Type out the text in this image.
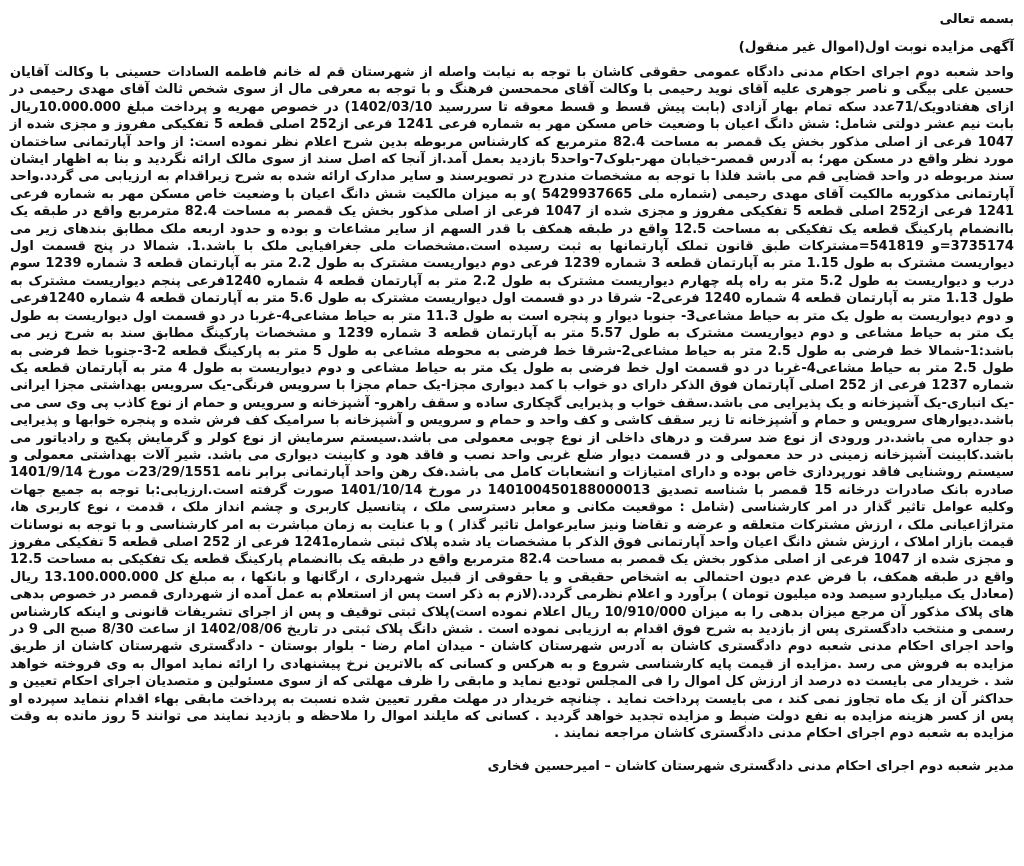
بسمه تعالی

آگهی مزایده نوبت اول(اموال غیر منقول)

واحد شعبه دوم اجرای احکام مدنی دادگاه عمومی حقوقی کاشان با توجه به نیابت واصله از شهرستان قم له خانم فاطمه السادات حسینی با وکالت آقایان حسین علی بیگی و ناصر جوهری علیه آقای نوید رحیمی با وکالت آقای محمحسن فرهنگ و با توجه به معرفی مال از سوی شخص ثالث آقای مهدی رحیمی در ازای هفتادویک/71عدد سکه تمام بهار آزادی (بابت پیش قسط و قسط معوقه تا سررسید 1402/03/10) در خصوص مهریه و پرداخت مبلغ 10.000.000ریال بابت نیم عشر دولتی شامل: شش دانگ اعیان با وضعیت خاص مسکن مهر به شماره فرعی 1241 فرعی از252 اصلی قطعه 5 تفکیکی مفروز و مجزی شده از 1047 فرعی از اصلی مذکور بخش یک قمصر به مساحت 82.4 مترمربع که کارشناس مربوطه بدین شرح اعلام نظر نموده است: از واحد آپارتمانی ساختمان مورد نظر واقع در مسکن مهر؛ به آدرس قمصر-خیابان مهر-بلوک7-واحد5 بازدید بعمل آمد.از آنجا که اصل سند از سوی مالک ارائه نگردید و بنا به اظهار ایشان سند مربوطه در واحد قضایی قم می باشد فلذا با توجه به مشخصات مندرج در تصویرسند و سایر مدارک ارائه شده به شرح زیراقدام به ارزیابی می گردد.واحد آپارتمانی مذکوربه مالکیت آقای مهدی رحیمی (شماره ملی 5429937665 )و به میزان مالکیت شش دانگ اعیان با وضعیت خاص مسکن مهر به شماره فرعی 1241 فرعی از252 اصلی قطعه 5 تفکیکی مفروز و مجزی شده از 1047 فرعی از اصلی مذکور بخش یک قمصر به مساحت 82.4 مترمربع واقع در طبقه یک باانضمام پارکینگ قطعه یک تفکیکی به مساحت 12.5 واقع در طبقه همکف با قدر السهم از سایر مشاعات و بوده و حدود اربعه ملک مطابق بندهای زیر می 3735174=و 541819=مشترکات طبق قانون تملک آپارتمانها به ثبت رسیده است.مشخصات ملی جغرافیایی ملک با باشد.1. شمالا در پنج قسمت اول دیواریست مشترک به طول 1.15 متر به آپارتمان قطعه 3 شماره 1239 فرعی دوم دیواریست مشترک به طول 2.2 متر به آپارتمان قطعه 3 شماره 1239 سوم درب و دیواریست به طول 5.2 متر به راه پله چهارم دیواریست مشترک به طول 2.2 متر به آپارتمان قطعه 4 شماره 1240فرعی پنجم دیواریست مشترک به طول 1.13 متر به آپارتمان قطعه 4 شماره 1240 فرعی2- شرقا در دو قسمت اول دیواریست مشترک به طول 5.6 متر به آپارتمان قطعه 4 شماره 1240فرعی و دوم دیواریست به طول یک متر به حیاط مشاعی3- جنوبا دیوار و پنجره است به طول 11.3 متر به حیاط مشاعی4-غربا در دو قسمت اول دیواریست به طول یک متر به حیاط مشاعی و دوم دیواریست مشترک به طول 5.57 متر به آپارتمان قطعه 3 شماره 1239 و مشخصات پارکینگ مطابق سند به شرح زیر می باشد:1-شمالا خط فرضی به طول 2.5 متر به حیاط مشاعی2-شرقا خط فرضی به محوطه مشاعی به طول 5 متر به پارکینگ قطعه 2-3-جنوبا خط فرضی به طول 2.5 متر به حیاط مشاعی4-غربا در دو قسمت اول خط فرضی به طول یک متر به حیاط مشاعی و دوم دیواریست به طول 4 متر به آپارتمان قطعه یک شماره 1237 فرعی از 252 اصلی آپارتمان فوق الذکر دارای دو خواب با کمد دیواری مجزا-یک حمام مجزا با سرویس فرنگی-یک سرویس بهداشتی مجزا ایرانی -یک انباری-یک آشپزخانه و یک پذیرایی می باشد.سقف خواب و پذیرایی گچکاری ساده و سقف راهرو- آشپزخانه و سرویس و حمام از نوع کاذب پی وی سی می باشد.دیوارهای سرویس و حمام و آشپزخانه تا زیر سقف کاشی و کف واحد و حمام و سرویس و آشپزخانه با سرامیک کف فرش شده و پنجره خوابها و پذیرایی دو جداره می باشد.در ورودی از نوع ضد سرقت و درهای داخلی از نوع چوبی معمولی می باشد.سیستم سرمایش از نوع کولر و گرمایش پکیج و رادیاتور می باشد.کابینت آشپزخانه زمینی در حد معمولی و در قسمت دیوار ضلع غربی واحد نصب و فاقد هود و کابینت دیواری می باشد. شیر آلات بهداشتی معمولی و سیستم روشنایی فاقد نورپردازی خاص بوده و دارای امتیازات و انشعابات کامل می باشد.فک رهن واحد آپارتمانی برابر نامه 23/29/1551ت مورخ 1401/9/14 صادره بانک صادرات درخانه 15 قمصر با شناسه تصدیق 140100450188000013 در مورخ 1401/10/14 صورت گرفته است.ارزیابی:با توجه به جمیع جهات وکلیه عوامل تاثیر گذار در امر کارشناسی (شامل : موقعیت مکانی و معابر دسترسی ملک ، پتانسیل کاربری و چشم انداز ملک ، قدمت ، نوع کاربری ها، متراژاعیانی ملک ، ارزش مشترکات متعلقه و عرضه و تقاضا ونیز سایرعوامل تاثیر گذار ) و با عنایت به زمان مباشرت به امر کارشناسی و با توجه به نوسانات قیمت بازار املاک ، ارزش شش دانگ اعیان واحد آپارتمانی فوق الذکر با مشخصات یاد شده پلاک ثبتی شماره1241 فرعی از 252 اصلی قطعه 5 تفکیکی مفروز و مجزی شده از 1047 فرعی از اصلی مذکور بخش یک قمصر به مساحت 82.4 مترمربع واقع در طبقه یک باانضمام پارکینگ قطعه یک تفکیکی به مساحت 12.5 واقع در طبقه همکف، با فرض عدم دیون احتمالی به اشخاص حقیقی و یا حقوقی از قبیل شهرداری ، ارگانها و بانکها ، به مبلغ کل 13.100.000.000 ریال (معادل یک میلیاردو سیصد وده میلیون تومان ) برآورد و اعلام نظرمی گردد.(لازم به ذکر است پس از استعلام به عمل آمده از شهرداری قمصر در خصوص بدهی های پلاک مذکور آن مرجع میزان بدهی را به میزان 10/910/000 ریال اعلام نموده است)پلاک ثبتی توقیف و پس از اجرای تشریفات قانونی و اینکه کارشناس رسمی و منتخب دادگستری پس از بازدید به شرح فوق اقدام به ارزیابی نموده است . شش دانگ پلاک ثبتی در تاریخ 1402/08/06 از ساعت 8/30 صبح الی 9 در واحد اجرای احکام مدنی شعبه دوم دادگستری کاشان به آدرس شهرستان کاشان - میدان امام رضا - بلوار بوستان - دادگستری شهرستان کاشان از طریق مزایده به فروش می رسد .مزایده از قیمت پایه کارشناسی شروع و به هرکس و کسانی که بالاترین نرخ پیشنهادی را ارائه نماید اموال به وی فروخته خواهد شد . خریدار می بایست ده درصد از ارزش کل اموال را فی المجلس تودیع نماید و مابقی را ظرف مهلتی که از سوی مسئولین و متصدیان اجرای احکام تعیین و حداکثر آن از یک ماه تجاوز نمی کند ، می بایست پرداخت نماید . چنانچه خریدار در مهلت مقرر تعیین شده نسبت به پرداخت مابقی بهاء اقدام ننماید سپرده او پس از کسر هزینه مزایده به نفع دولت ضبط و مزایده تجدید خواهد گردید . کسانی که مایلند اموال را ملاحظه و بازدید نمایند می توانند 5 روز مانده به وقت مزایده به شعبه دوم اجرای احکام مدنی دادگستری کاشان مراجعه نمایند .

مدیر شعبه دوم اجرای احکام مدنی دادگستری شهرستان کاشان – امیرحسین فخاری
